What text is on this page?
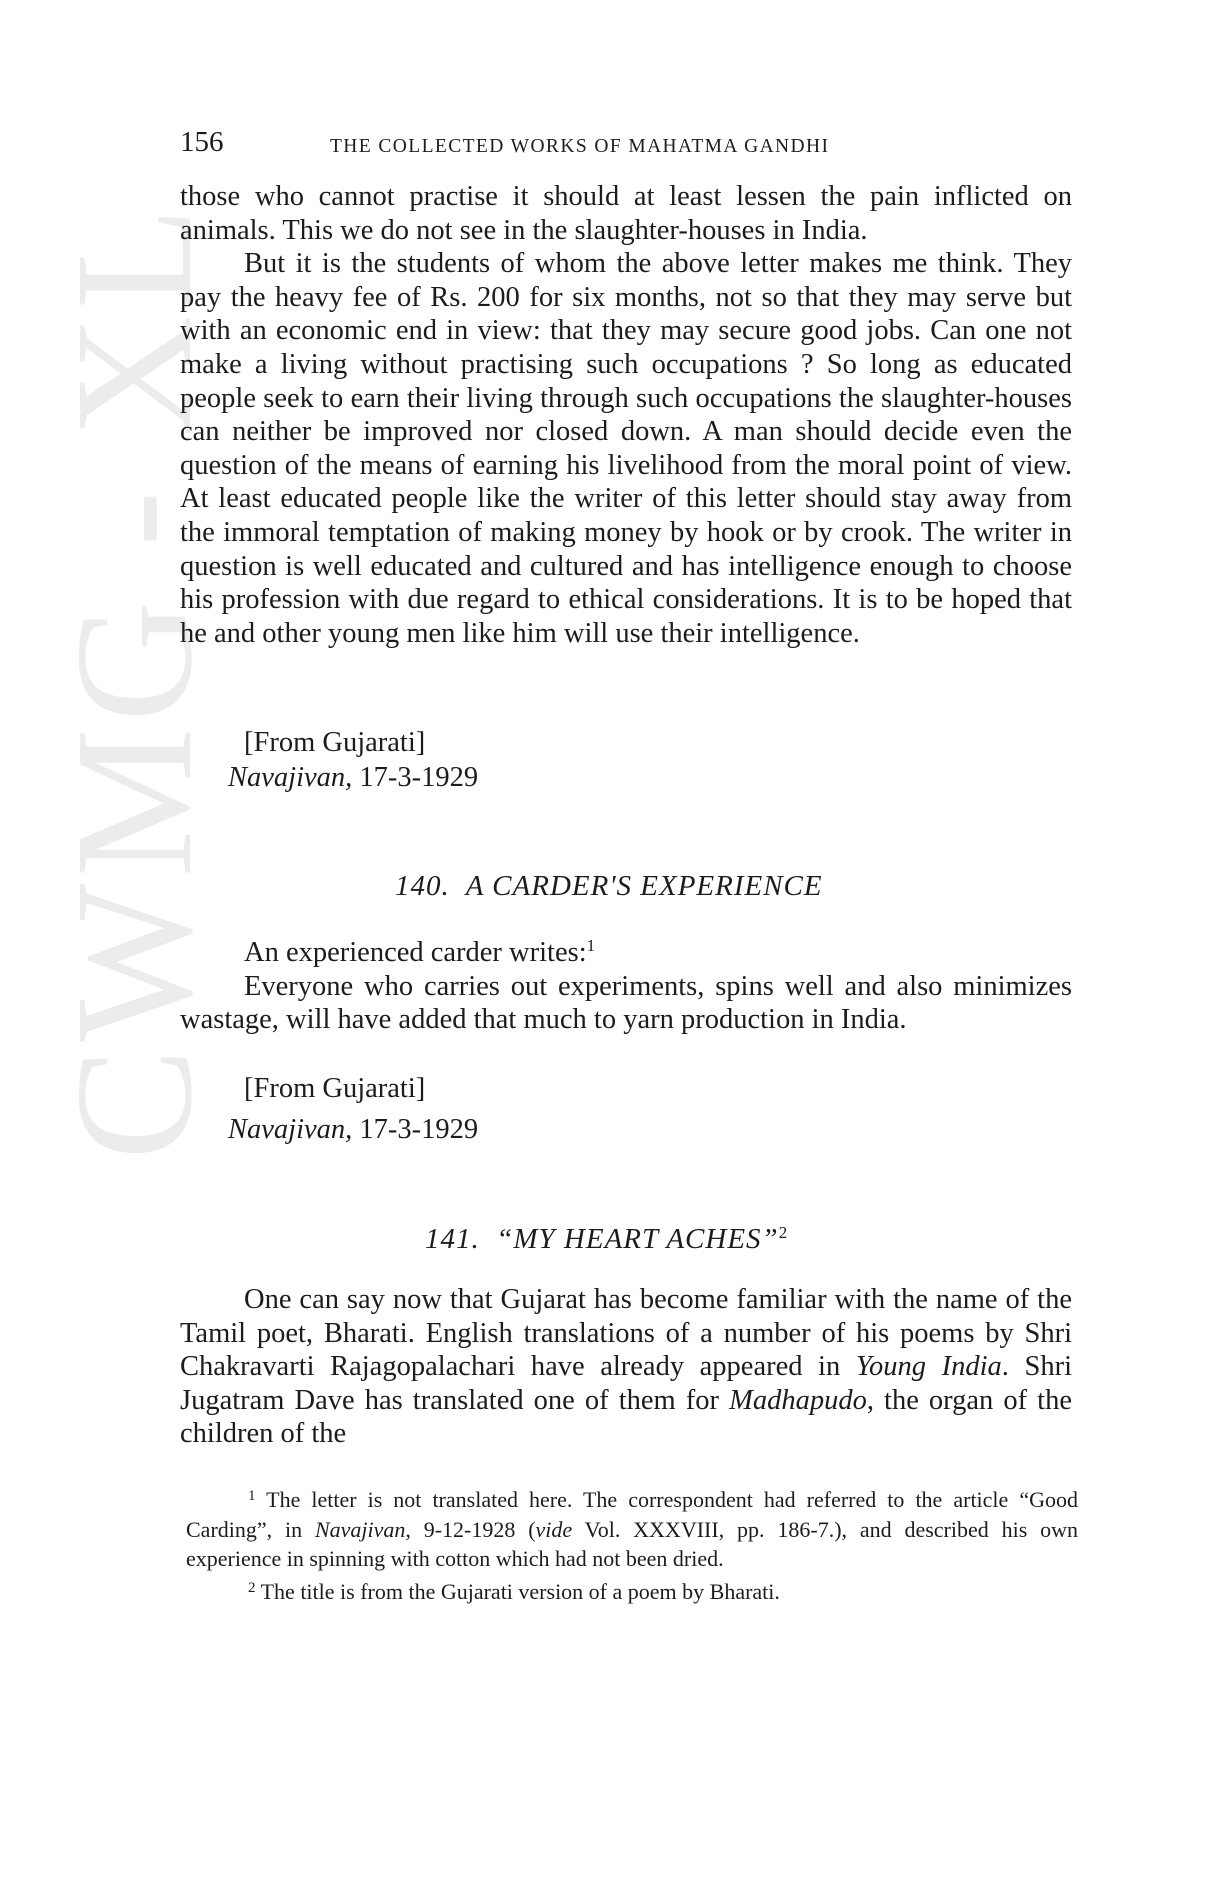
CWMG - XL
156	THE COLLECTED WORKS OF MAHATMA GANDHI

those who cannot practise it should at least lessen the pain inflicted on animals. This we do not see in the slaughter-houses in India.

But it is the students of whom the above letter makes me think. They pay the heavy fee of Rs. 200 for six months, not so that they may serve but with an economic end in view: that they may secure good jobs. Can one not make a living without practising such occupations ? So long as educated people seek to earn their living through such occupations the slaughter-houses can neither be improved nor closed down. A man should decide even the question of the means of earning his livelihood from the moral point of view. At least educated people like the writer of this letter should stay away from the immoral temptation of making money by hook or by crook. The writer in question is well educated and cultured and has intelligence enough to choose his profession with due regard to ethical considerations. It is to be hoped that he and other young men like him will use their intelligence.

[From Gujarati]
Navajivan, 17-3-1929
140. A CARDER'S EXPERIENCE

An experienced carder writes:$^1$

Everyone who carries out experiments, spins well and also minimizes wastage, will have added that much to yarn production in India.

[From Gujarati]
Navajivan, 17-3-1929
141. “MY HEART ACHES”$^2$

One can say now that Gujarat has become familiar with the name of the Tamil poet, Bharati. English translations of a number of his poems by Shri Chakravarti Rajagopalachari have already appeared in Young India. Shri Jugatram Dave has translated one of them for Madhapudo, the organ of the children of the

$^1$ The letter is not translated here. The correspondent had referred to the article “Good Carding”, in Navajivan, 9-12-1928 (vide Vol. XXXVIII, pp. 186-7.), and described his own experience in spinning with cotton which had not been dried.

$^2$ The title is from the Gujarati version of a poem by Bharati.
